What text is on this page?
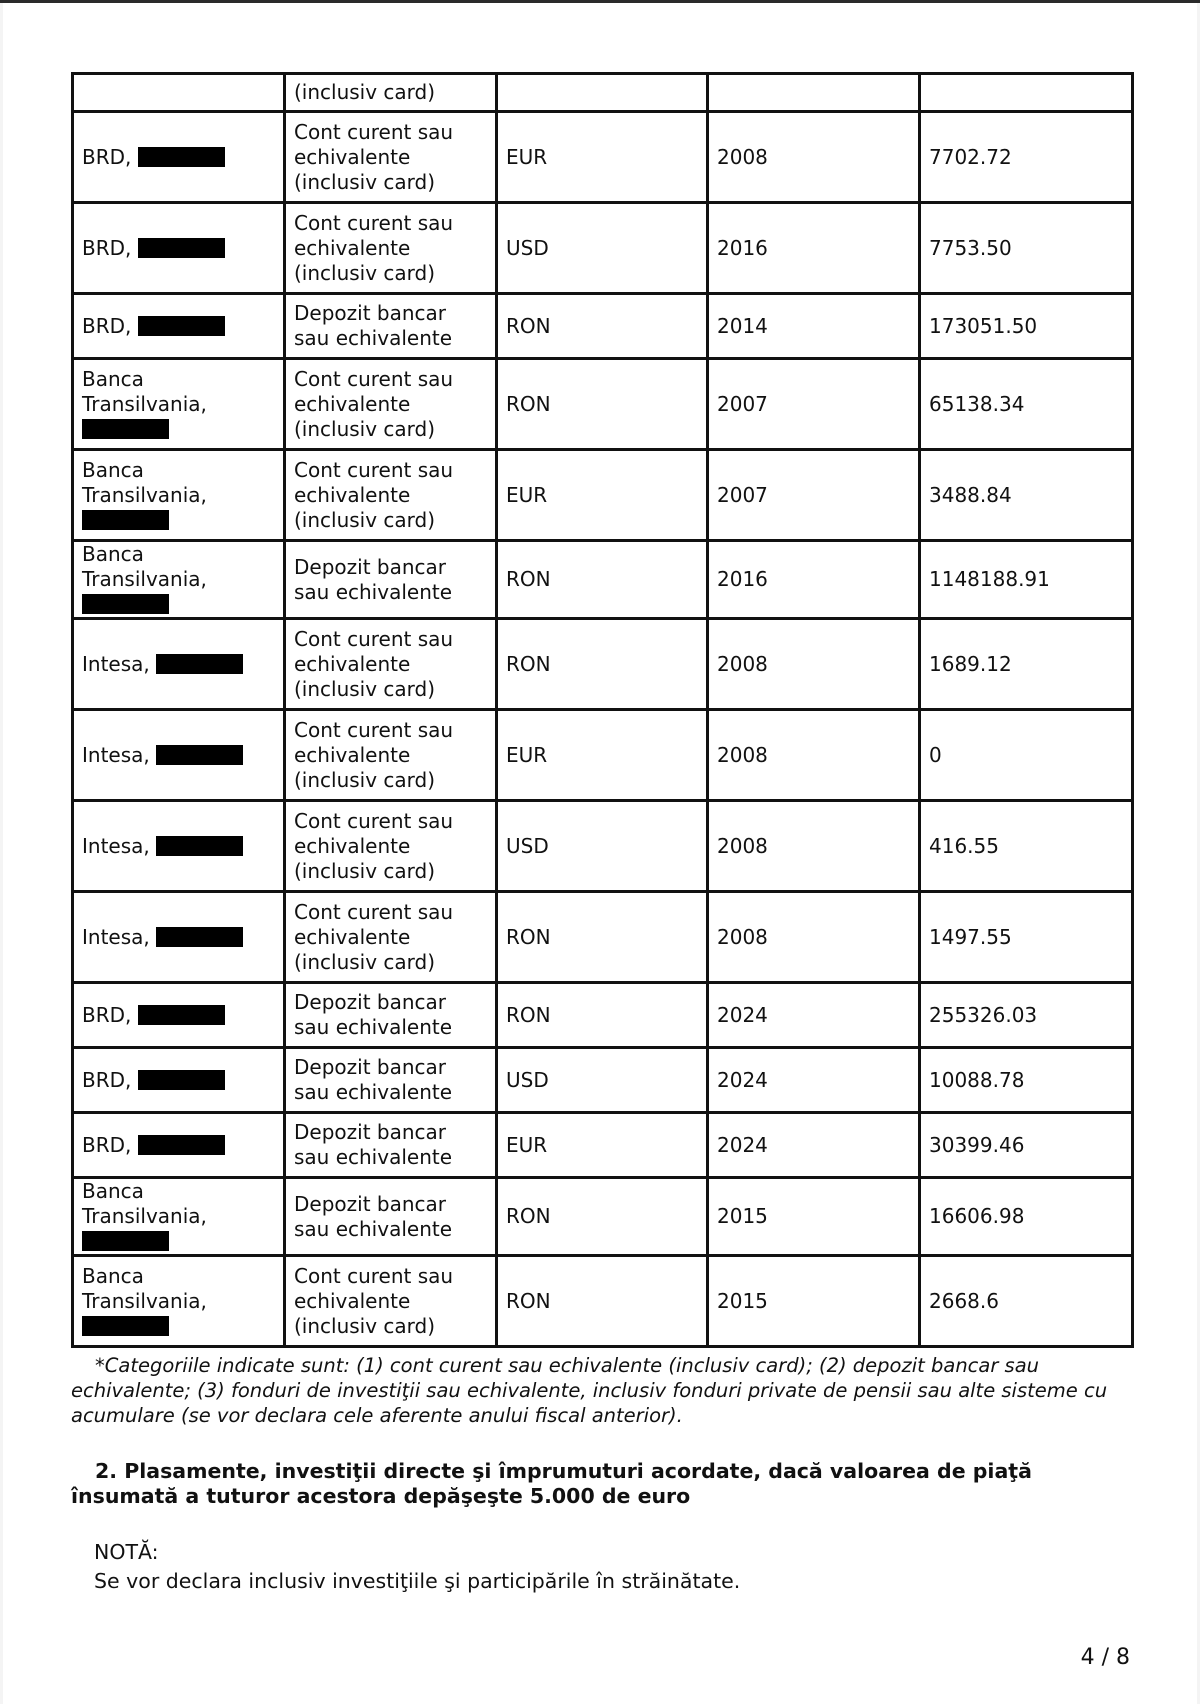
	(inclusiv card)			
BRD,	Cont curent sau echivalente (inclusiv card)	EUR	2008	7702.72
BRD,	Cont curent sau echivalente (inclusiv card)	USD	2016	7753.50
BRD,	Depozit bancar sau echivalente	RON	2014	173051.50
Banca Transilvania,	Cont curent sau echivalente (inclusiv card)	RON	2007	65138.34
Banca Transilvania,	Cont curent sau echivalente (inclusiv card)	EUR	2007	3488.84
Banca Transilvania,	Depozit bancar sau echivalente	RON	2016	1148188.91
Intesa,	Cont curent sau echivalente (inclusiv card)	RON	2008	1689.12
Intesa,	Cont curent sau echivalente (inclusiv card)	EUR	2008	0
Intesa,	Cont curent sau echivalente (inclusiv card)	USD	2008	416.55
Intesa,	Cont curent sau echivalente (inclusiv card)	RON	2008	1497.55
BRD,	Depozit bancar sau echivalente	RON	2024	255326.03
BRD,	Depozit bancar sau echivalente	USD	2024	10088.78
BRD,	Depozit bancar sau echivalente	EUR	2024	30399.46
Banca Transilvania,	Depozit bancar sau echivalente	RON	2015	16606.98
Banca Transilvania,	Cont curent sau echivalente (inclusiv card)	RON	2015	2668.6

*Categoriile indicate sunt: (1) cont curent sau echivalente (inclusiv card); (2) depozit bancar sau echivalente; (3) fonduri de investiţii sau echivalente, inclusiv fonduri private de pensii sau alte sisteme cu acumulare (se vor declara cele aferente anului fiscal anterior).

2. Plasamente, investiţii directe şi împrumuturi acordate, dacă valoarea de piaţă însumată a tuturor acestora depăşeşte 5.000 de euro

NOTĂ:

Se vor declara inclusiv investiţiile şi participările în străinătate.

4 / 8
